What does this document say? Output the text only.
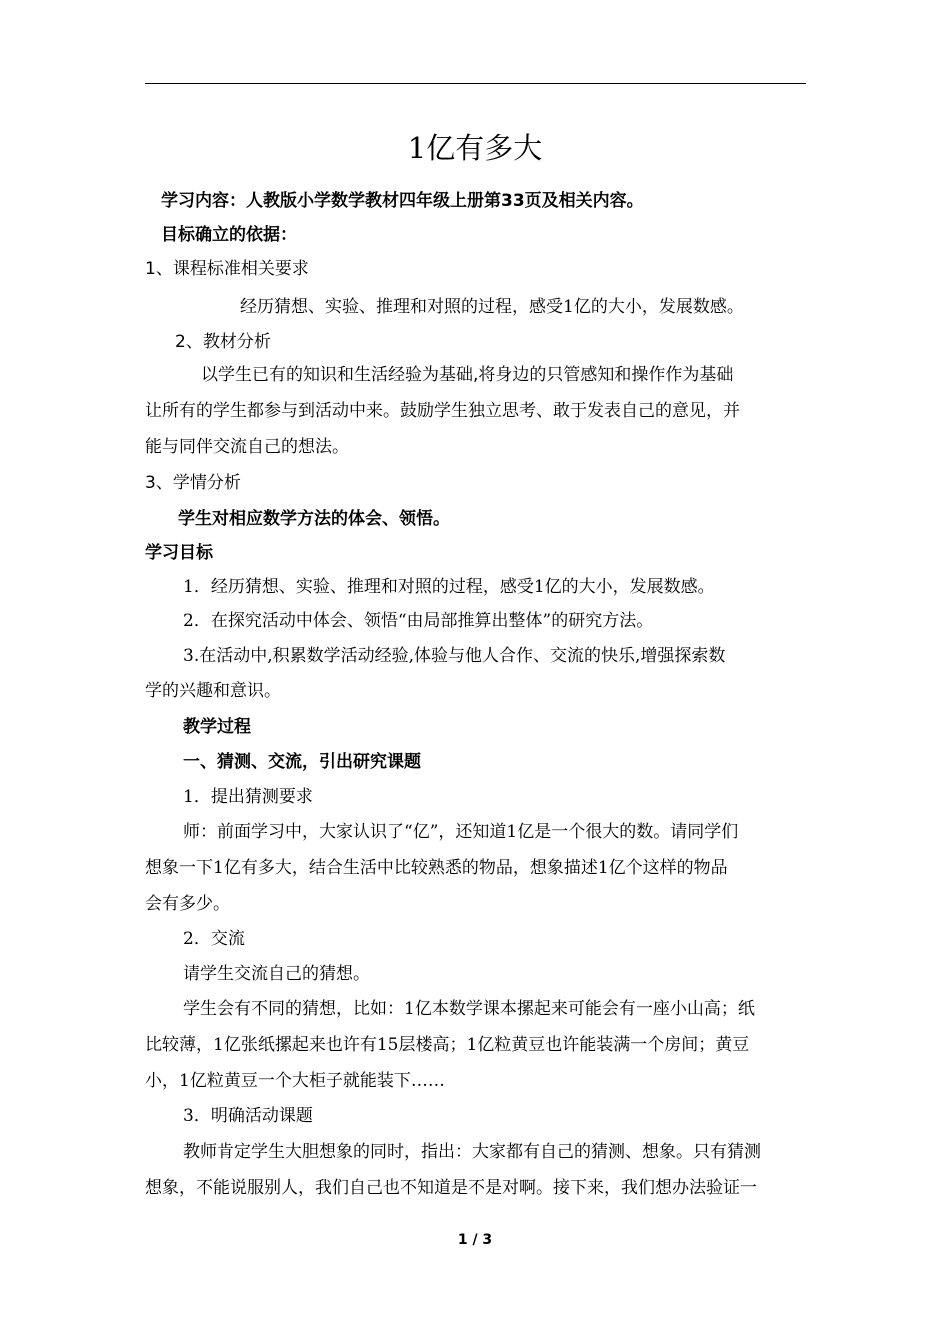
1亿有多大
学习内容：人教版小学数学教材四年级上册第33页及相关内容。
目标确立的依据：
1、课程标准相关要求
经历猜想、实验、推理和对照的过程，感受1亿的大小，发展数感。
2、教材分析
以学生已有的知识和生活经验为基础,将身边的只管感知和操作作为基础
让所有的学生都参与到活动中来。鼓励学生独立思考、敢于发表自己的意见，并
能与同伴交流自己的想法。
3、学情分析
学生对相应数学方法的体会、领悟。
学习目标
1．经历猜想、实验、推理和对照的过程，感受1亿的大小，发展数感。
2．在探究活动中体会、领悟“由局部推算出整体”的研究方法。
3.在活动中,积累数学活动经验,体验与他人合作、交流的快乐,增强探索数
学的兴趣和意识。
教学过程
一、猜测、交流，引出研究课题
1．提出猜测要求
师：前面学习中，大家认识了“亿”，还知道1亿是一个很大的数。请同学们
想象一下1亿有多大，结合生活中比较熟悉的物品，想象描述1亿个这样的物品
会有多少。
2．交流
请学生交流自己的猜想。
学生会有不同的猜想，比如：1亿本数学课本摞起来可能会有一座小山高；纸
比较薄，1亿张纸摞起来也许有15层楼高；1亿粒黄豆也许能装满一个房间；黄豆
小，1亿粒黄豆一个大柜子就能装下……
3．明确活动课题
教师肯定学生大胆想象的同时，指出：大家都有自己的猜测、想象。只有猜测
想象，不能说服别人，我们自己也不知道是不是对啊。接下来，我们想办法验证一
1 / 3
